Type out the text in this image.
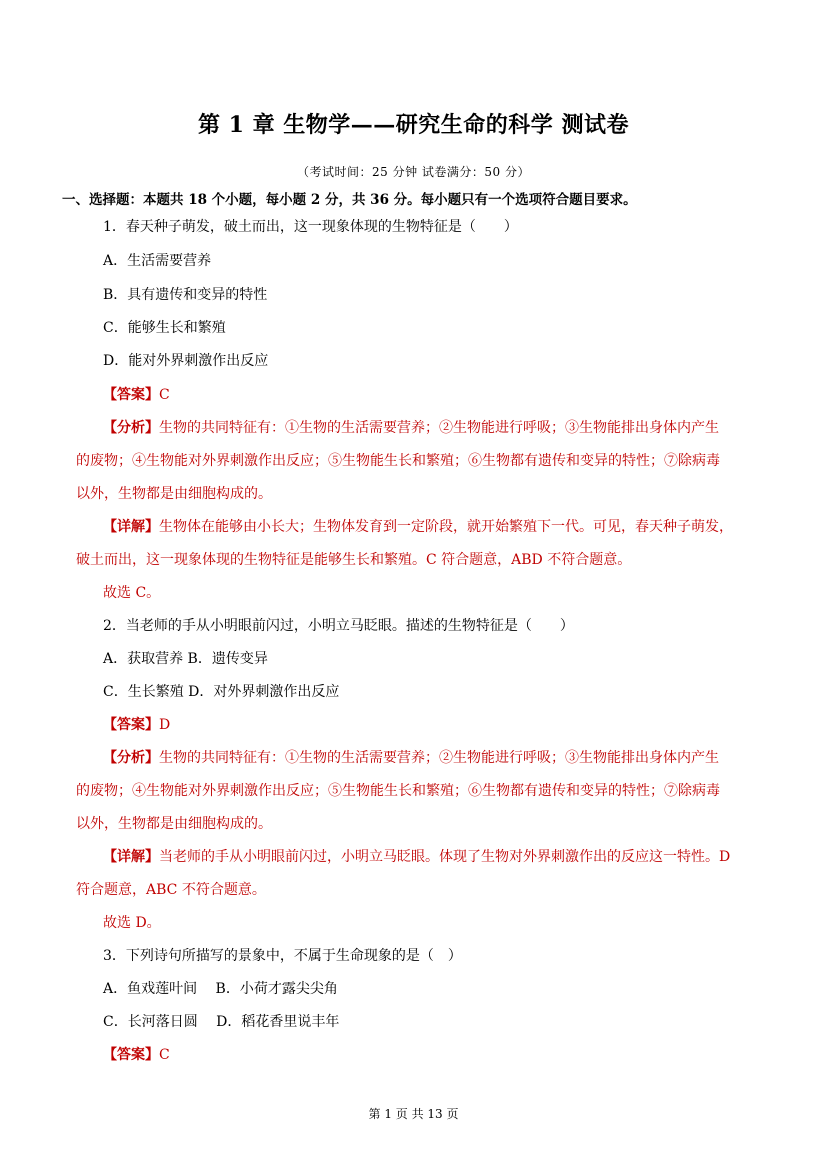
第 1 章 生物学——研究生命的科学 测试卷
（考试时间：25 分钟 试卷满分：50 分）
一、选择题：本题共 18 个小题，每小题 2 分，共 36 分。每小题只有一个选项符合题目要求。
1．春天种子萌发，破土而出，这一现象体现的生物特征是（　　）
A．生活需要营养
B．具有遗传和变异的特性
C．能够生长和繁殖
D．能对外界刺激作出反应
【答案】C
【分析】生物的共同特征有：①生物的生活需要营养；②生物能进行呼吸；③生物能排出身体内产生
的废物；④生物能对外界刺激作出反应；⑤生物能生长和繁殖；⑥生物都有遗传和变异的特性；⑦除病毒
以外，生物都是由细胞构成的。
【详解】生物体在能够由小长大；生物体发育到一定阶段，就开始繁殖下一代。可见，春天种子萌发，
破土而出，这一现象体现的生物特征是能够生长和繁殖。C 符合题意，ABD 不符合题意。
故选 C。
2．当老师的手从小明眼前闪过，小明立马眨眼。描述的生物特征是（　　）
A．获取营养 B．遗传变异
C．生长繁殖 D．对外界刺激作出反应
【答案】D
【分析】生物的共同特征有：①生物的生活需要营养；②生物能进行呼吸；③生物能排出身体内产生
的废物；④生物能对外界刺激作出反应；⑤生物能生长和繁殖；⑥生物都有遗传和变异的特性；⑦除病毒
以外，生物都是由细胞构成的。
【详解】当老师的手从小明眼前闪过，小明立马眨眼。体现了生物对外界刺激作出的反应这一特性。D
符合题意，ABC 不符合题意。
故选 D。
3．下列诗句所描写的景象中，不属于生命现象的是（　）
A．鱼戏莲叶间　 B．小荷才露尖尖角
C．长河落日圆　 D．稻花香里说丰年
【答案】C
第 1 页 共 13 页
